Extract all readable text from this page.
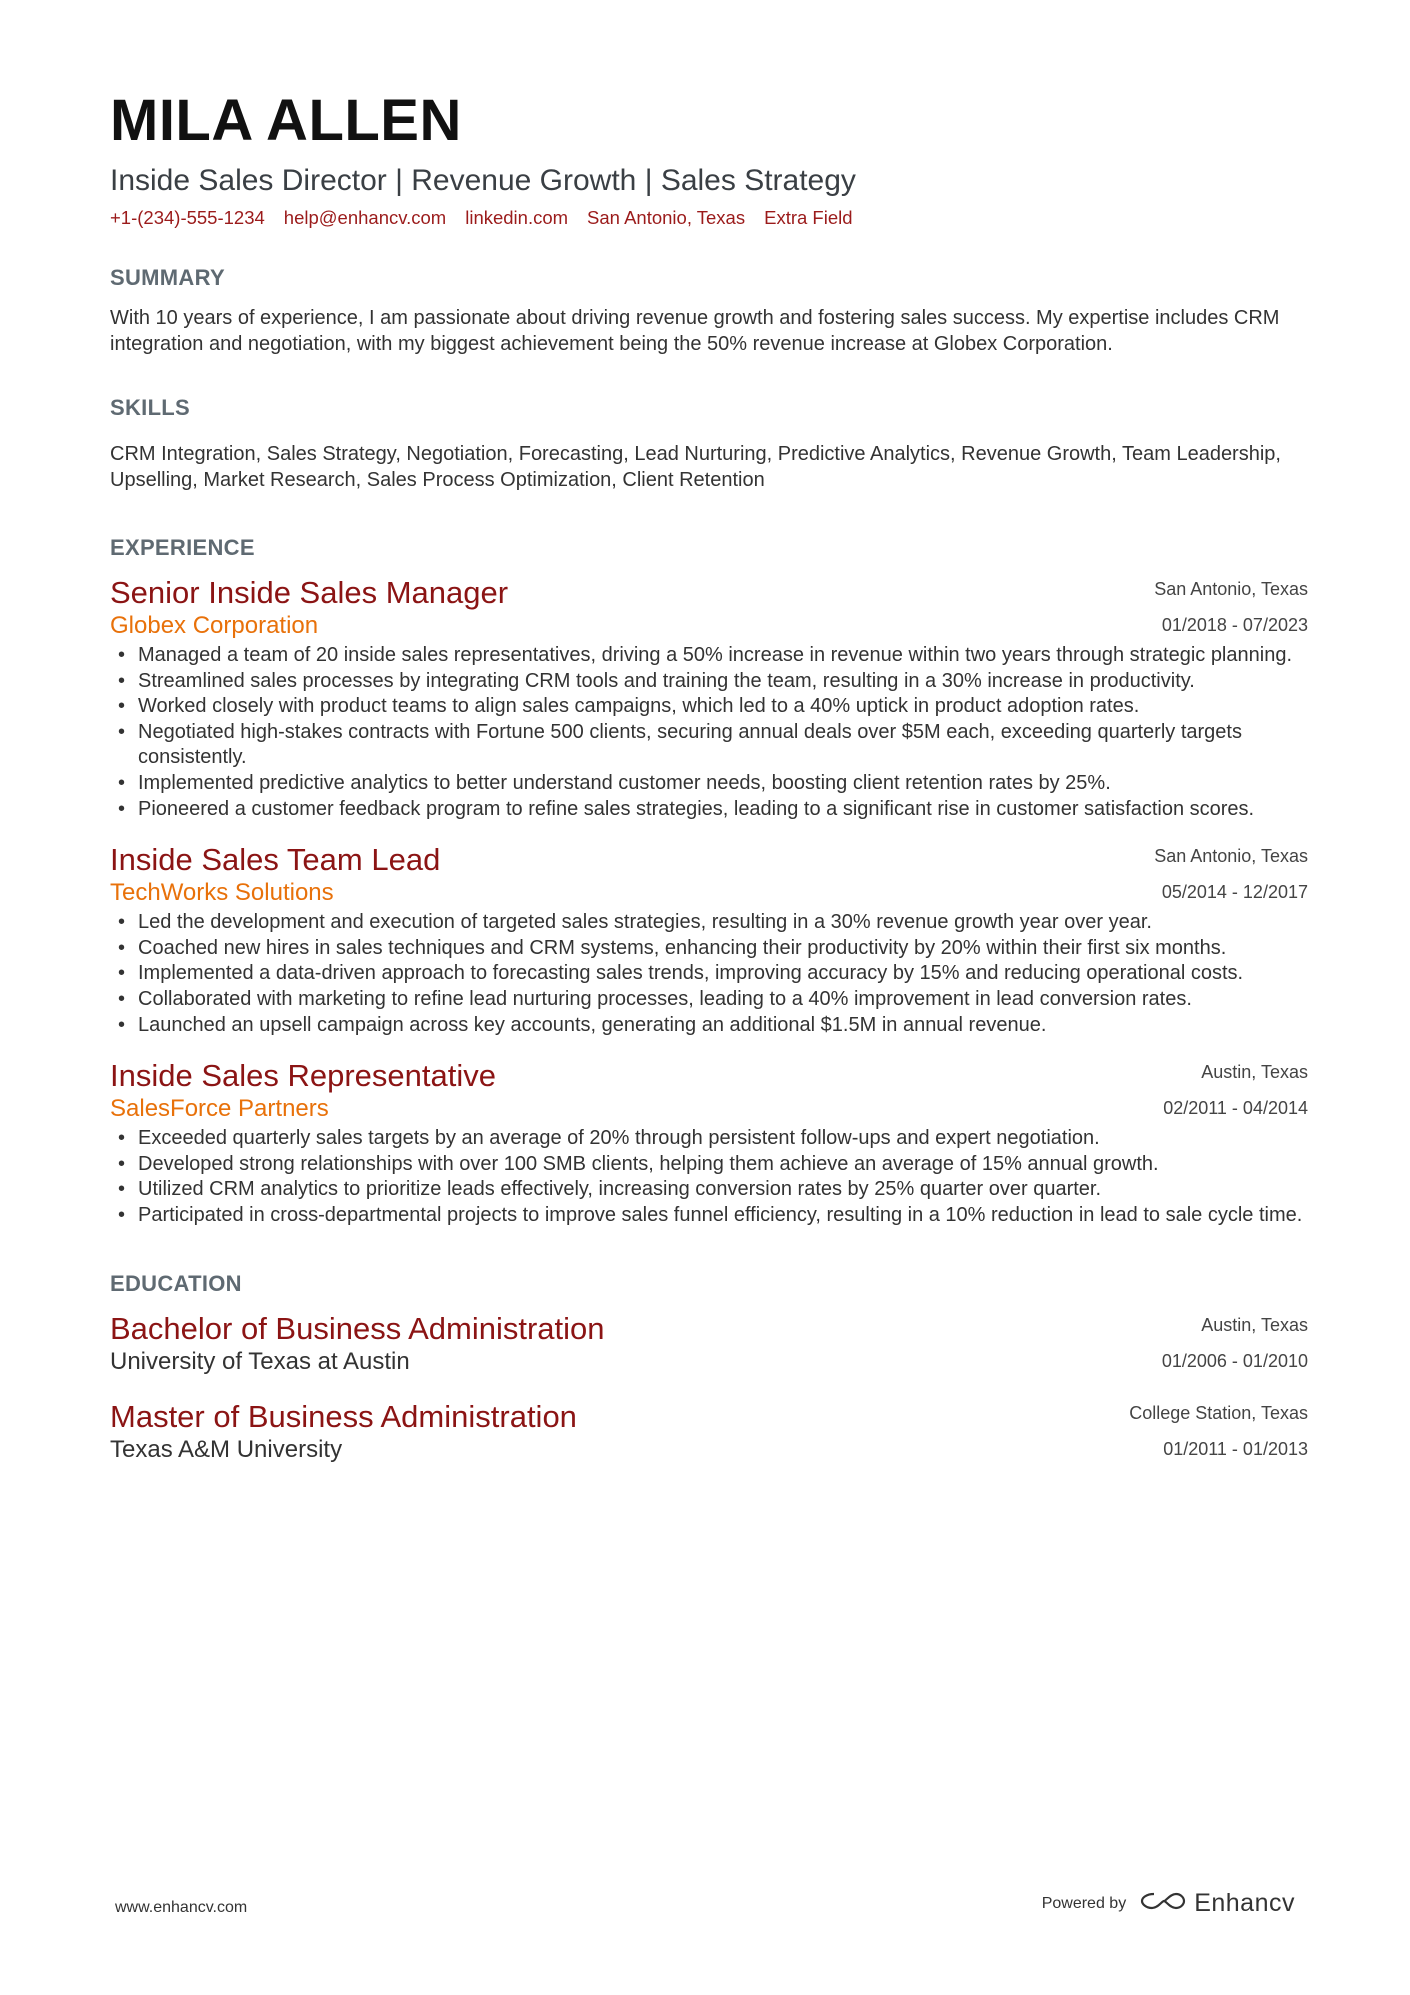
MILA ALLEN
Inside Sales Director | Revenue Growth | Sales Strategy
+1-(234)-555-1234 help@enhancv.com linkedin.com San Antonio, Texas Extra Field
SUMMARY

With 10 years of experience, I am passionate about driving revenue growth and fostering sales success. My expertise includes CRM integration and negotiation, with my biggest achievement being the 50% revenue increase at Globex Corporation.

SKILLS

CRM Integration, Sales Strategy, Negotiation, Forecasting, Lead Nurturing, Predictive Analytics, Revenue Growth, Team Leadership, Upselling, Market Research, Sales Process Optimization, Client Retention

EXPERIENCE
Senior Inside Sales Manager
Globex Corporation
San Antonio, Texas
01/2018 - 07/2023
• Managed a team of 20 inside sales representatives, driving a 50% increase in revenue within two years through strategic planning.
• Streamlined sales processes by integrating CRM tools and training the team, resulting in a 30% increase in productivity.
• Worked closely with product teams to align sales campaigns, which led to a 40% uptick in product adoption rates.
• Negotiated high-stakes contracts with Fortune 500 clients, securing annual deals over $5M each, exceeding quarterly targets consistently.
• Implemented predictive analytics to better understand customer needs, boosting client retention rates by 25%.
• Pioneered a customer feedback program to refine sales strategies, leading to a significant rise in customer satisfaction scores.
Inside Sales Team Lead
TechWorks Solutions
San Antonio, Texas
05/2014 - 12/2017
• Led the development and execution of targeted sales strategies, resulting in a 30% revenue growth year over year.
• Coached new hires in sales techniques and CRM systems, enhancing their productivity by 20% within their first six months.
• Implemented a data-driven approach to forecasting sales trends, improving accuracy by 15% and reducing operational costs.
• Collaborated with marketing to refine lead nurturing processes, leading to a 40% improvement in lead conversion rates.
• Launched an upsell campaign across key accounts, generating an additional $1.5M in annual revenue.
Inside Sales Representative
SalesForce Partners
Austin, Texas
02/2011 - 04/2014
• Exceeded quarterly sales targets by an average of 20% through persistent follow-ups and expert negotiation.
• Developed strong relationships with over 100 SMB clients, helping them achieve an average of 15% annual growth.
• Utilized CRM analytics to prioritize leads effectively, increasing conversion rates by 25% quarter over quarter.
• Participated in cross-departmental projects to improve sales funnel efficiency, resulting in a 10% reduction in lead to sale cycle time.
EDUCATION
Bachelor of Business Administration
University of Texas at Austin
Austin, Texas
01/2006 - 01/2010
Master of Business Administration
Texas A&M University
College Station, Texas
01/2011 - 01/2013
www.enhancv.com	Powered by	Enhancv
